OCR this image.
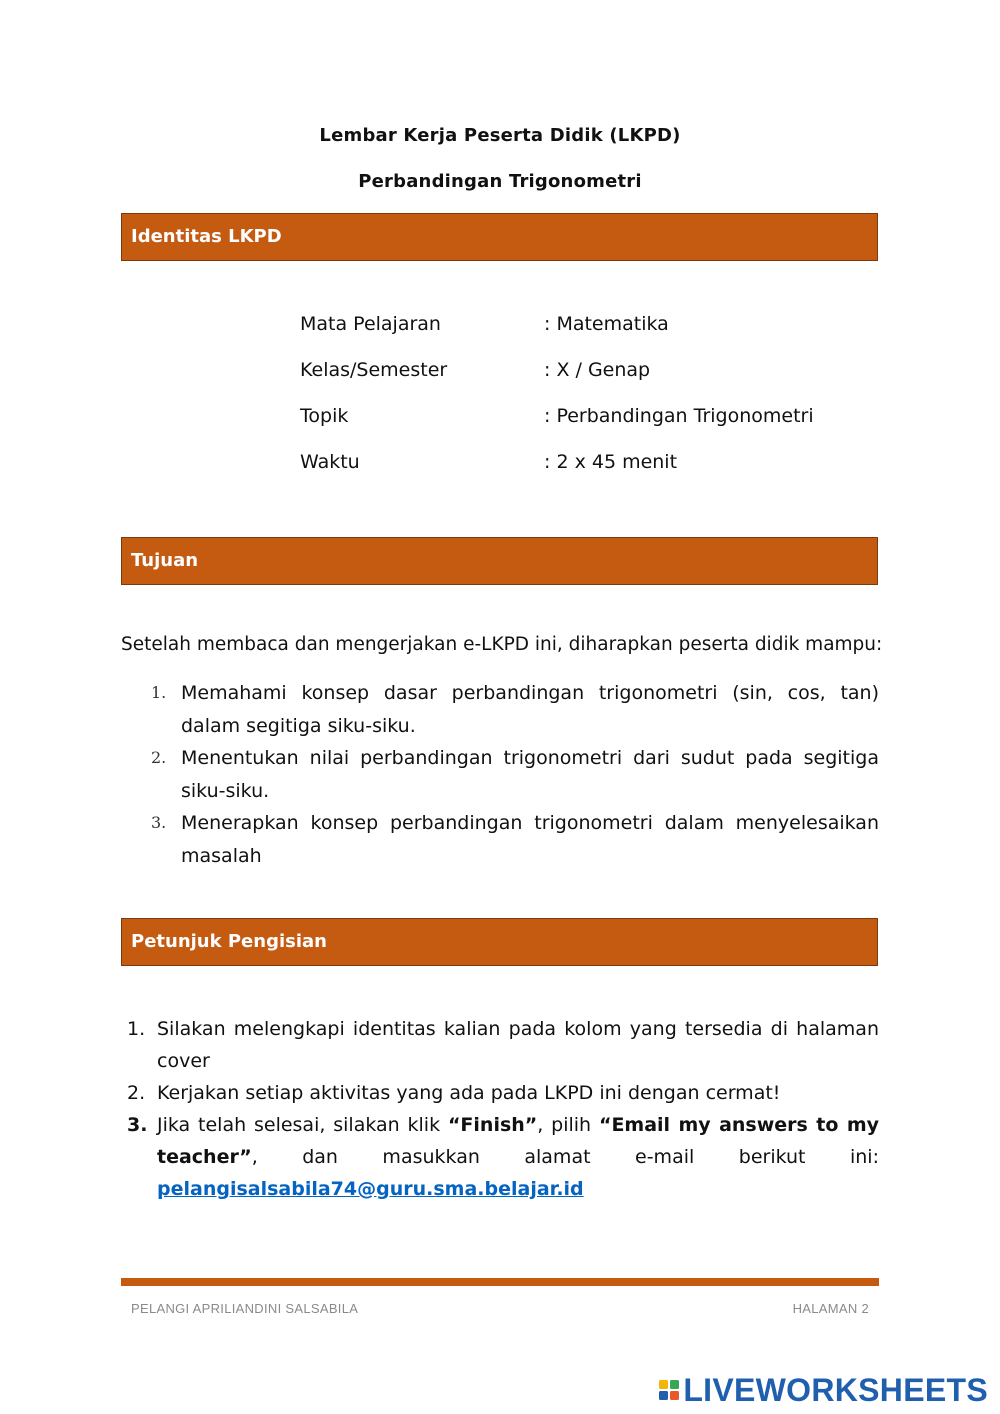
Lembar Kerja Peserta Didik (LKPD)
Perbandingan Trigonometri
Identitas LKPD
Mata Pelajaran	: Matematika
Kelas/Semester	: X / Genap
Topik	: Perbandingan Trigonometri
Waktu	: 2 x 45 menit
Tujuan
Setelah membaca dan mengerjakan e-LKPD ini, diharapkan peserta didik mampu:
1. Memahami konsep dasar perbandingan trigonometri (sin, cos, tan) dalam segitiga siku-siku.
2. Menentukan nilai perbandingan trigonometri dari sudut pada segitiga siku-siku.
3. Menerapkan konsep perbandingan trigonometri dalam menyelesaikan masalah
Petunjuk Pengisian
1. Silakan melengkapi identitas kalian pada kolom yang tersedia di halaman cover
2. Kerjakan setiap aktivitas yang ada pada LKPD ini dengan cermat!
3. Jika telah selesai, silakan klik “Finish”, pilih “Email my answers to my teacher”, dan masukkan alamat e-mail berikut ini:
pelangisalsabila74@guru.sma.belajar.id
PELANGI APRILIANDINI SALSABILA	HALAMAN 2
LIVEWORKSHEETS
